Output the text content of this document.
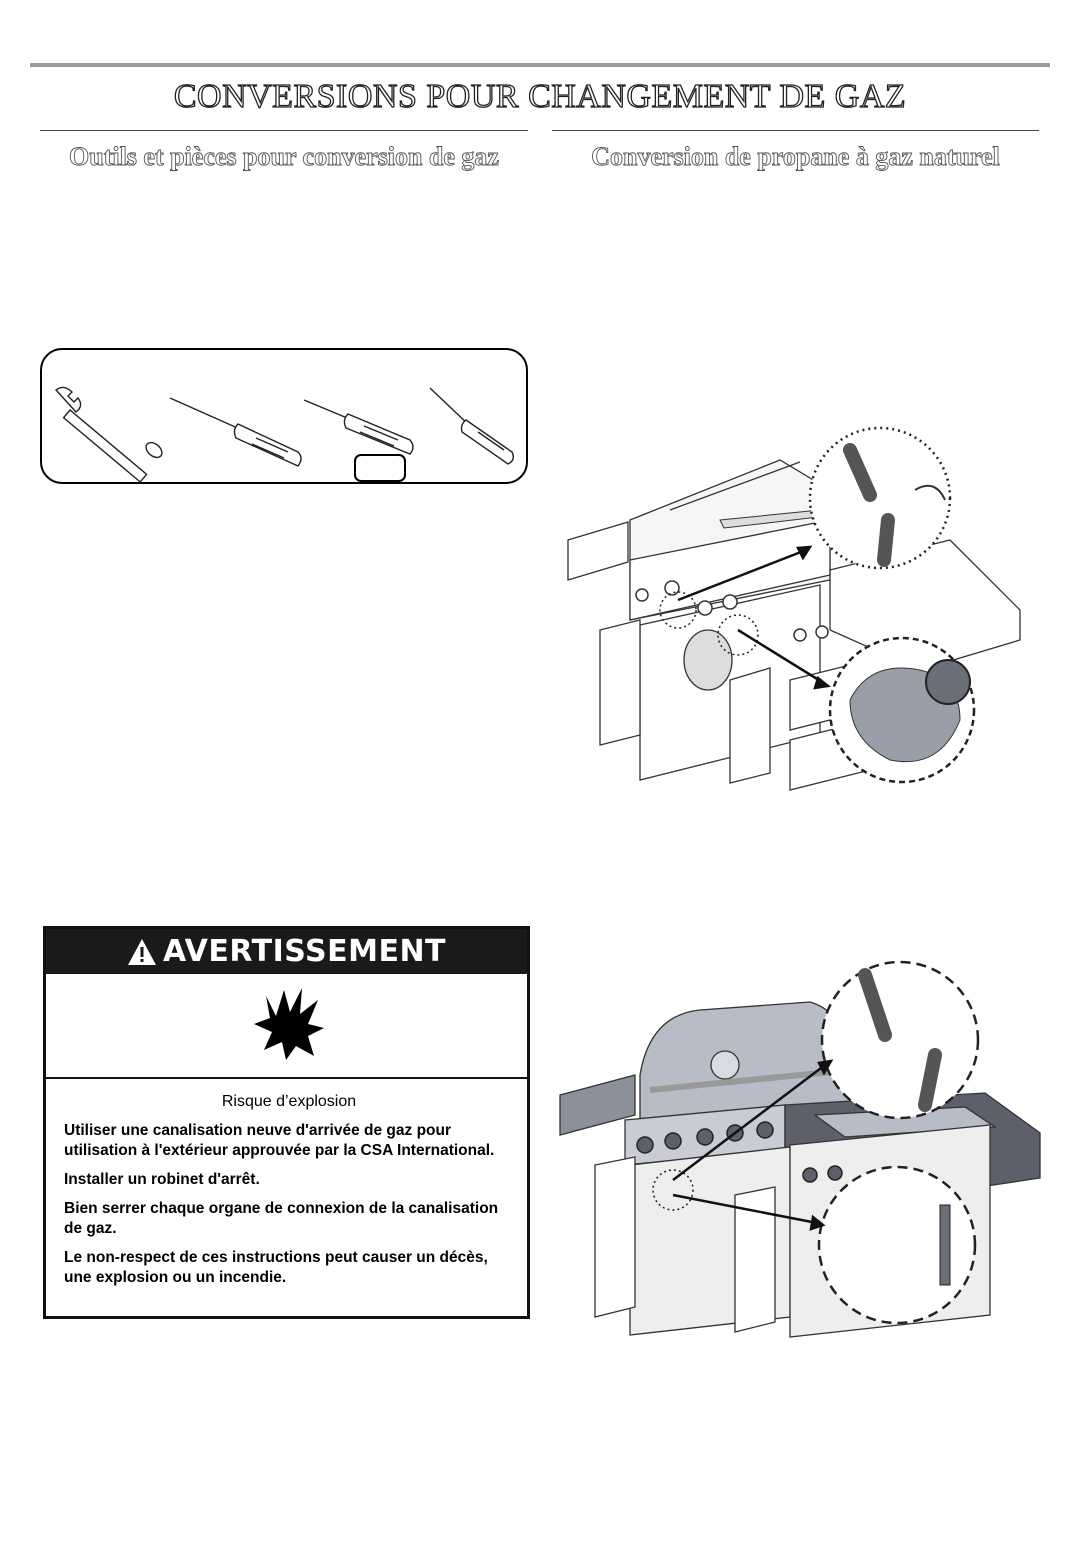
CONVERSIONS POUR CHANGEMENT DE GAZ
Outils et pièces pour conversion de gaz	Conversion de propane à gaz naturel
AVERTISSEMENT

Risque d’explosion

Utiliser une canalisation neuve d'arrivée de gaz pour utilisation à l'extérieur approuvée par la CSA International.

Installer un robinet d'arrêt.

Bien serrer chaque organe de connexion de la canalisation de gaz.

Le non-respect de ces instructions peut causer un décès, une explosion ou un incendie.
